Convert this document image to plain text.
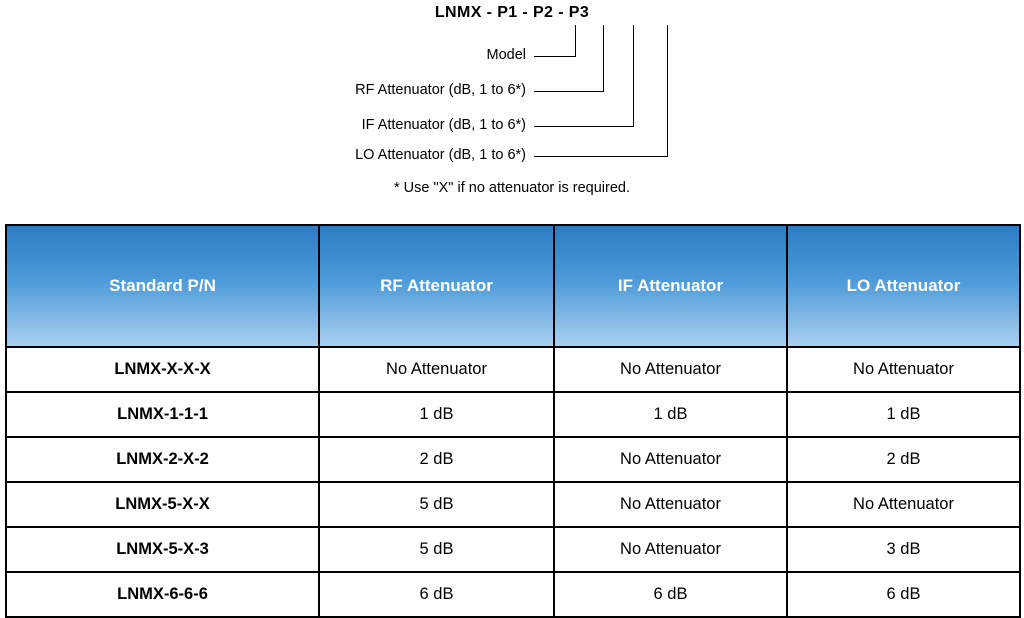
LNMX - P1 - P2 - P3
Model
RF Attenuator (dB, 1 to 6*)
IF Attenuator (dB, 1 to 6*)
LO Attenuator (dB, 1 to 6*)
* Use "X" if no attenuator is required.
Standard P/N	RF Attenuator	IF Attenuator	LO Attenuator
LNMX-X-X-X	No Attenuator	No Attenuator	No Attenuator
LNMX-1-1-1	1 dB	1 dB	1 dB
LNMX-2-X-2	2 dB	No Attenuator	2 dB
LNMX-5-X-X	5 dB	No Attenuator	No Attenuator
LNMX-5-X-3	5 dB	No Attenuator	3 dB
LNMX-6-6-6	6 dB	6 dB	6 dB
